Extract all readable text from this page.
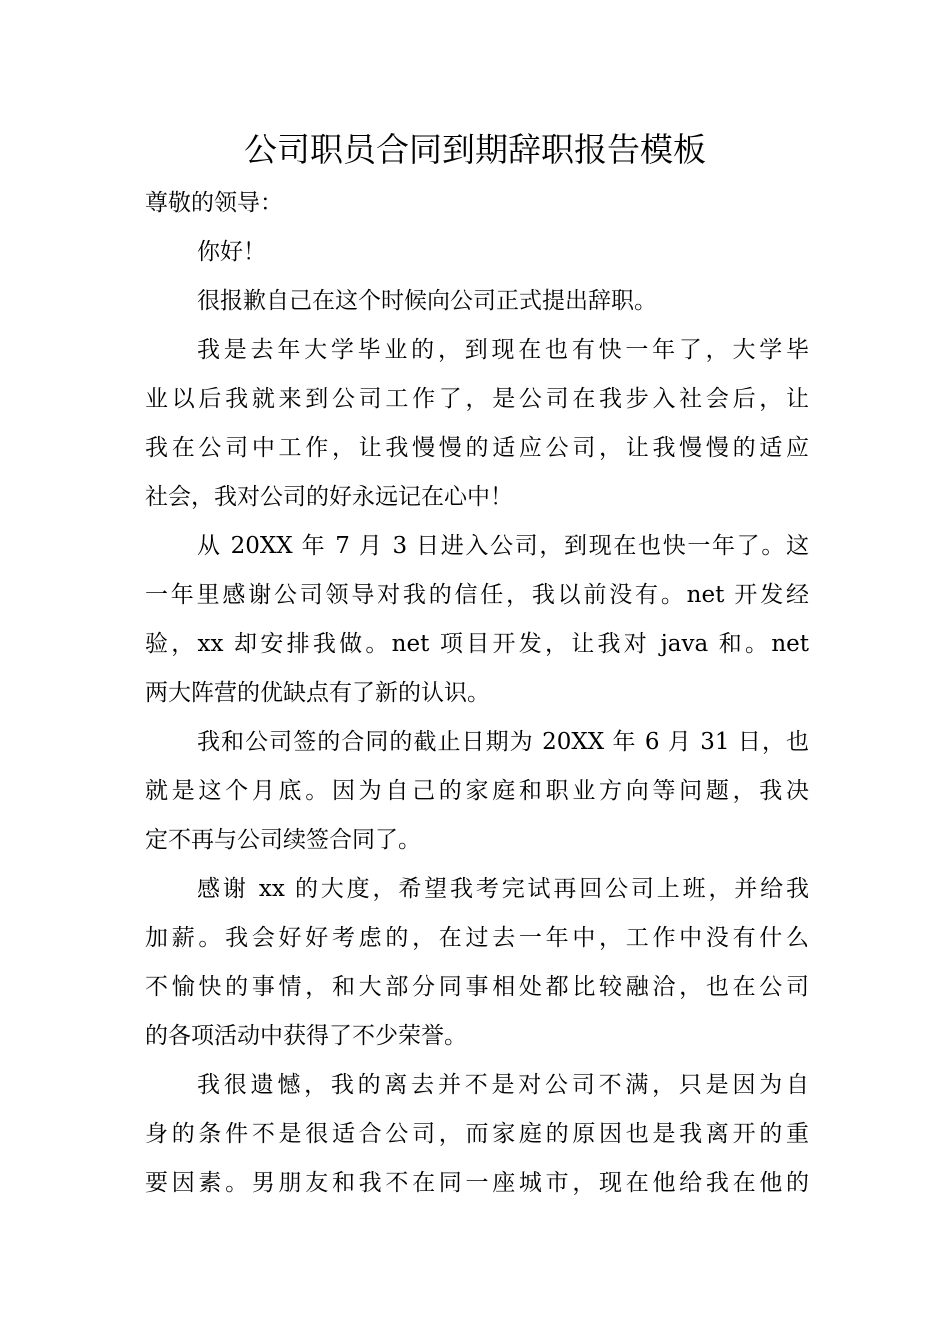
公司职员合同到期辞职报告模板
尊敬的领导：
你好！
很报歉自己在这个时候向公司正式提出辞职。
我是去年大学毕业的，到现在也有快一年了，大学毕
业以后我就来到公司工作了，是公司在我步入社会后，让
我在公司中工作，让我慢慢的适应公司，让我慢慢的适应
社会，我对公司的好永远记在心中！
从 20XX 年 7 月 3 日进入公司，到现在也快一年了。这
一年里感谢公司领导对我的信任，我以前没有。net 开发经
验，xx 却安排我做。net 项目开发，让我对 java 和。net
两大阵营的优缺点有了新的认识。
我和公司签的合同的截止日期为 20XX 年 6 月 31 日，也
就是这个月底。因为自己的家庭和职业方向等问题，我决
定不再与公司续签合同了。
感谢 xx 的大度，希望我考完试再回公司上班，并给我
加薪。我会好好考虑的，在过去一年中，工作中没有什么
不愉快的事情，和大部分同事相处都比较融洽，也在公司
的各项活动中获得了不少荣誉。
我很遗憾，我的离去并不是对公司不满，只是因为自
身的条件不是很适合公司，而家庭的原因也是我离开的重
要因素。男朋友和我不在同一座城市，现在他给我在他的
